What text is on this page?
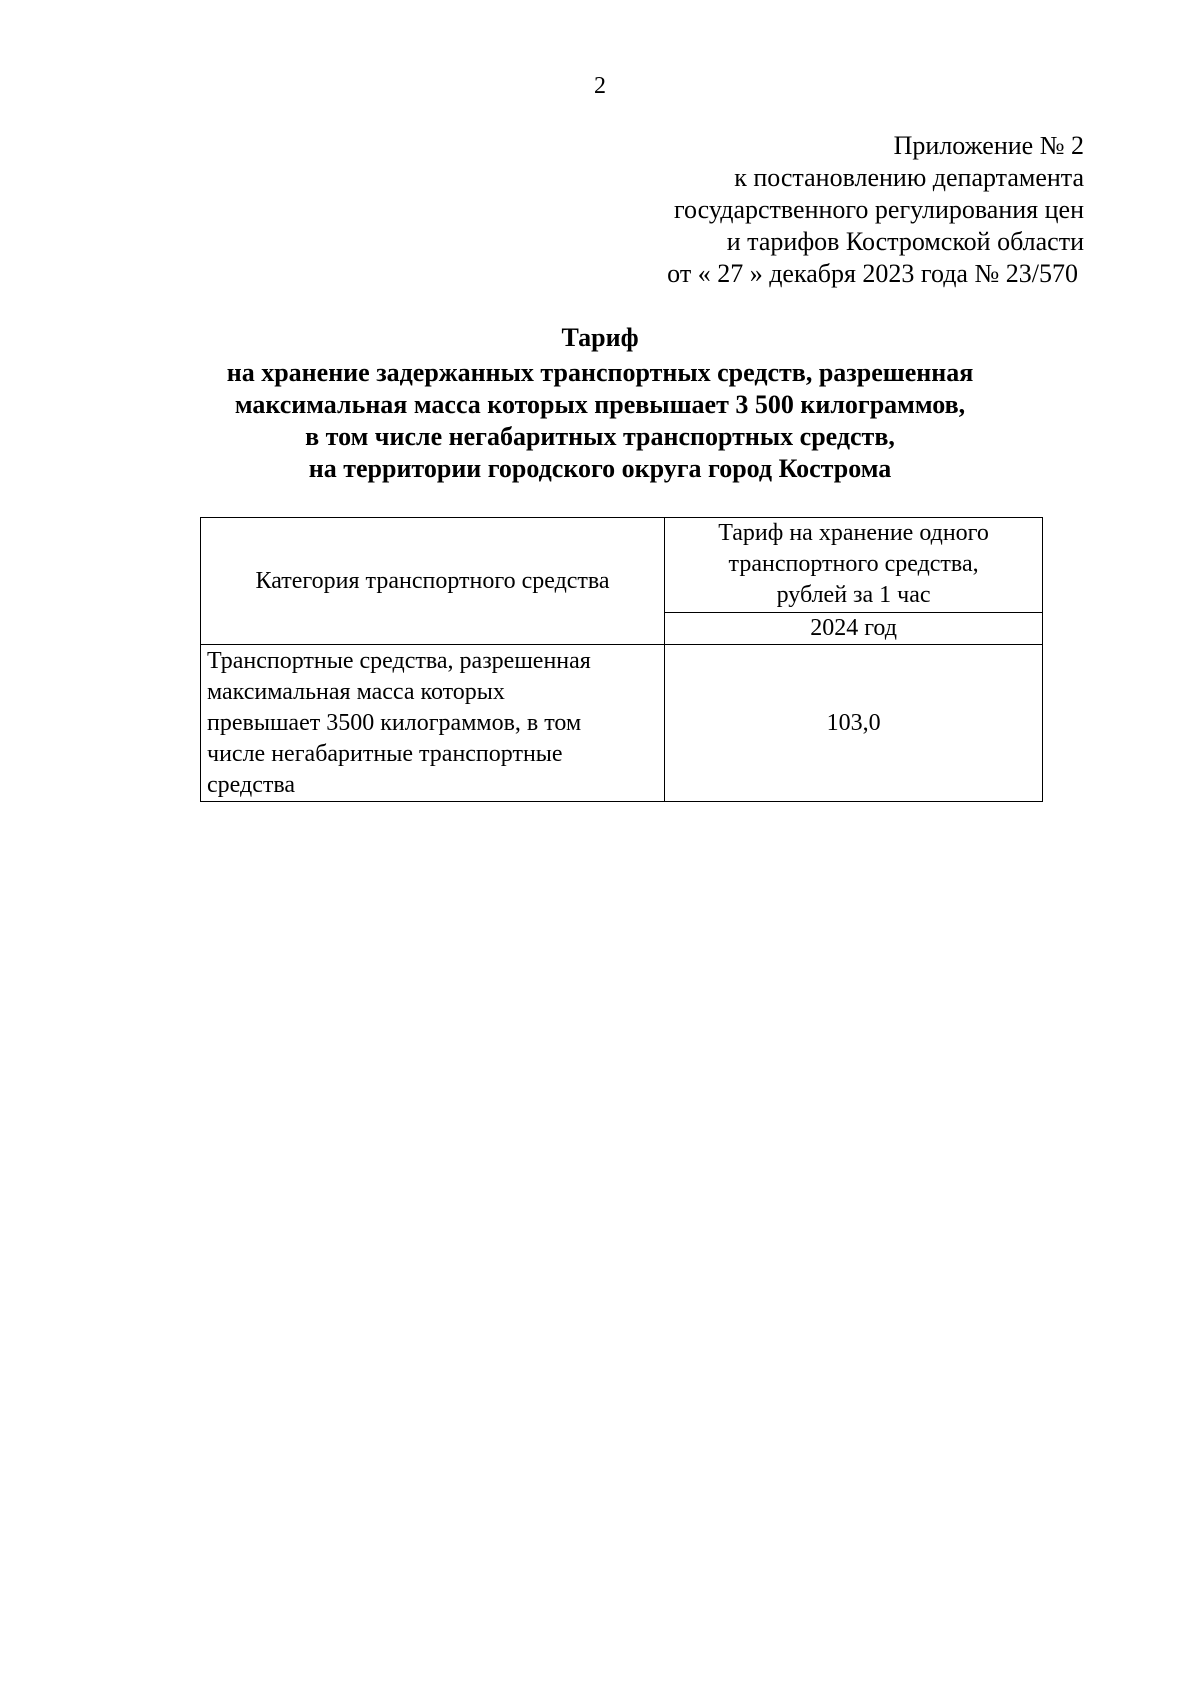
2
Приложение № 2
к постановлению департамента
государственного регулирования цен
и тарифов Костромской области
от « 27 » декабря 2023 года № 23/570
Тариф
на хранение задержанных транспортных средств, разрешенная
максимальная масса которых превышает 3 500 килограммов,
в том числе негабаритных транспортных средств,
на территории городского округа город Кострома
Категория транспортного средства	Тариф на хранение одного
транспортного средства,
рублей за 1 час
	2024 год
Транспортные средства, разрешенная
максимальная масса которых
превышает 3500 килограммов, в том
числе негабаритные транспортные
средства	103,0
